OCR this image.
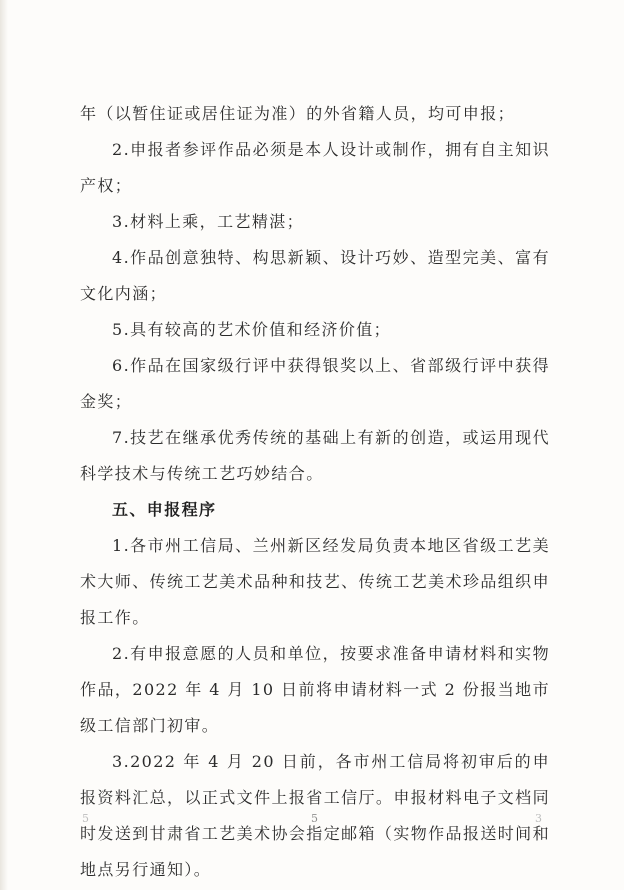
年（以暂住证或居住证为准）的外省籍人员，均可申报；

2.申报者参评作品必须是本人设计或制作，拥有自主知识产权；

3.材料上乘，工艺精湛；

4.作品创意独特、构思新颖、设计巧妙、造型完美、富有文化内涵；

5.具有较高的艺术价值和经济价值；

6.作品在国家级行评中获得银奖以上、省部级行评中获得金奖；

7.技艺在继承优秀传统的基础上有新的创造，或运用现代科学技术与传统工艺巧妙结合。

五、申报程序

1.各市州工信局、兰州新区经发局负责本地区省级工艺美术大师、传统工艺美术品种和技艺、传统工艺美术珍品组织申报工作。

2.有申报意愿的人员和单位，按要求准备申请材料和实物作品，2022 年 4 月 10 日前将申请材料一式 2 份报当地市级工信部门初审。

3.2022 年 4 月 20 日前，各市州工信局将初审后的申报资料汇总，以正式文件上报省工信厅。申报材料电子文档同时发送到甘肃省工艺美术协会指定邮箱（实物作品报送时间和地点另行通知）。

5	5	3
